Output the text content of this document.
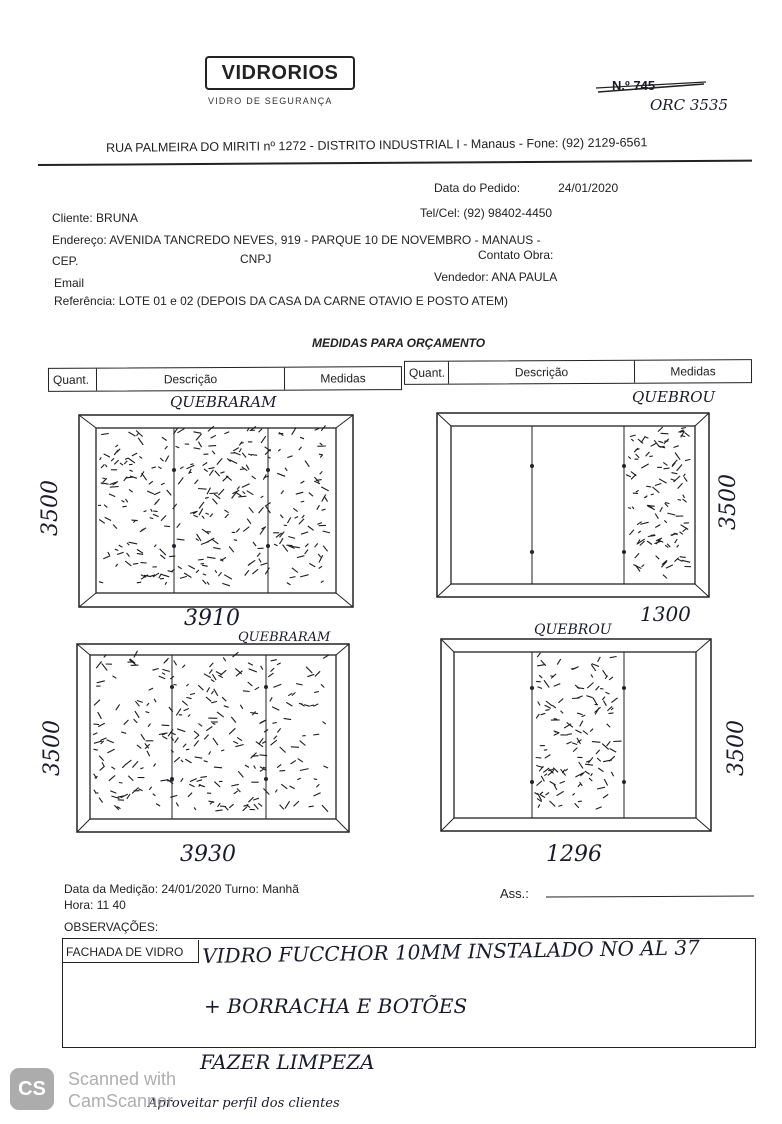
VIDRORIOS
VIDRO DE SEGURANÇA
N.º 745
ORC 3535
RUA PALMEIRA DO MIRITI nº 1272 - DISTRITO INDUSTRIAL I - Manaus - Fone: (92) 2129-6561
Data do Pedido:	24/01/2020
Cliente: BRUNA	Tel/Cel: (92) 98402-4450
Endereço: AVENIDA TANCREDO NEVES, 919 - PARQUE 10 DE NOVEMBRO - MANAUS -
CEP.	CNPJ	Contato Obra:
Email	Vendedor: ANA PAULA
Referência: LOTE 01 e 02 (DEPOIS DA CASA DA CARNE OTAVIO E POSTO ATEM)
MEDIDAS PARA ORÇAMENTO
Quant.	Descrição	Medidas	Quant.	Descrição	Medidas
QUEBRARAM
3500
3910
QUEBROU
3500
1300
QUEBRARAM
3500
3930
QUEBROU
3500
1296
Data da Medição: 24/01/2020 Turno: Manhã
Hora: 11 40
Ass.:
OBSERVAÇÕES:
FACHADA DE VIDRO VIDRO FUCCHOR 10MM INSTALADO NO AL 37
+ BORRACHA E BOTÕES
FAZER LIMPEZA
Aproveitar perfil dos clientes
CS	Scanned with
CamScanner
